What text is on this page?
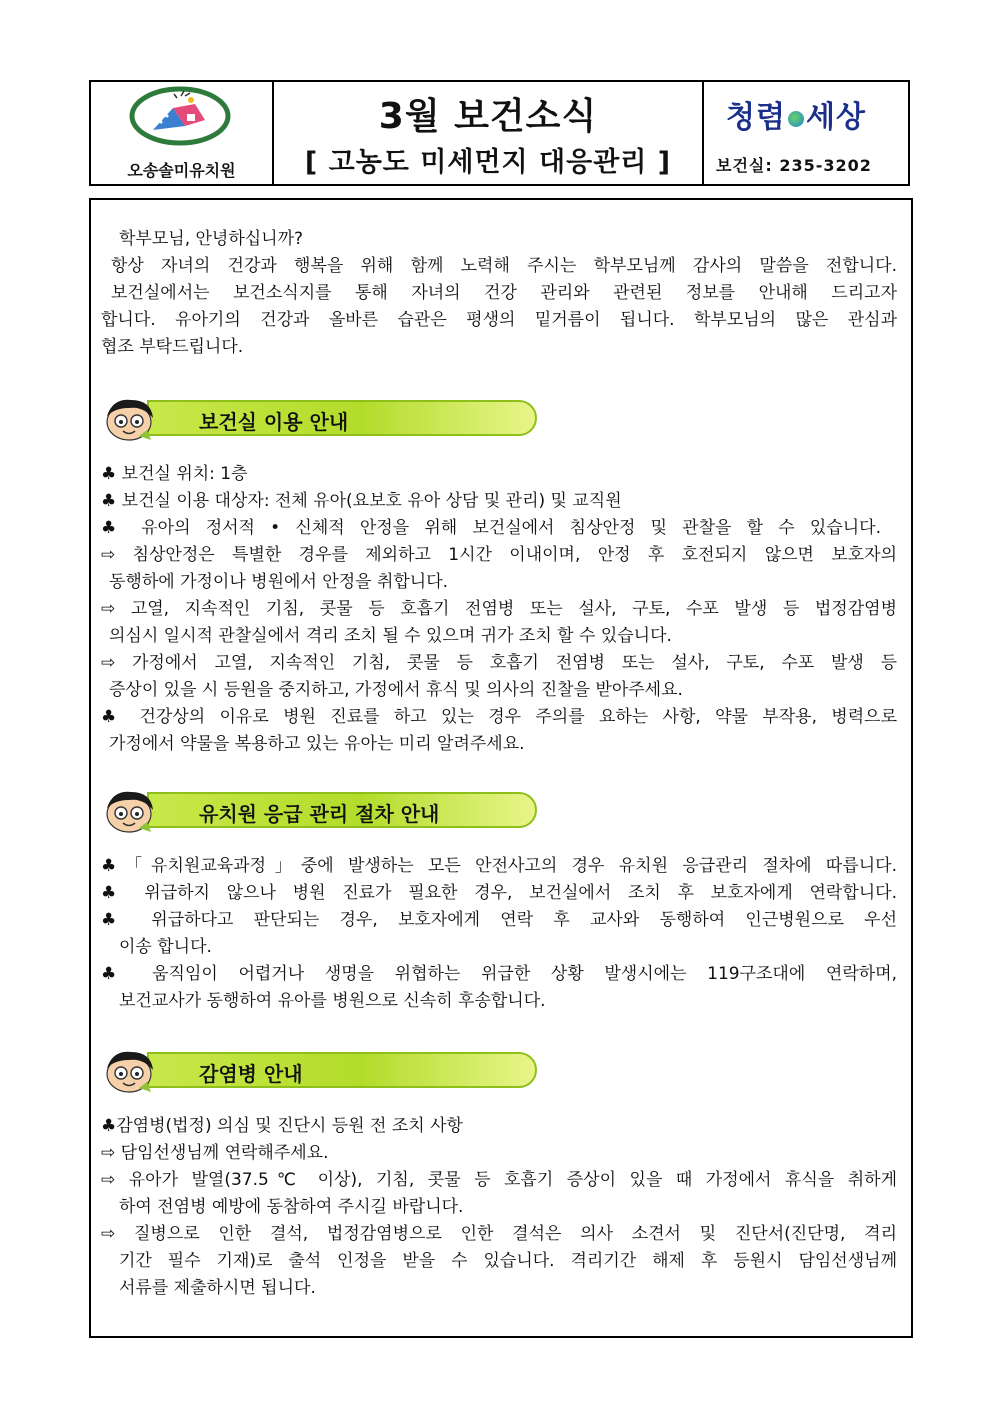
오송솔미유치원
3월 보건소식
[ 고농도 미세먼지 대응관리 ]
청렴 세상
보건실: 235-3202
학부모님, 안녕하십니까?
항상 자녀의 건강과 행복을 위해 함께 노력해 주시는 학부모님께 감사의 말씀을 전합니다.
보건실에서는 보건소식지를 통해 자녀의 건강 관리와 관련된 정보를 안내해 드리고자
합니다. 유아기의 건강과 올바른 습관은 평생의 밑거름이 됩니다. 학부모님의 많은 관심과
협조 부탁드립니다.
보건실 이용 안내
♣ 보건실 위치: 1층
♣ 보건실 이용 대상자: 전체 유아(요보호 유아 상담 및 관리) 및 교직원
♣ 유아의 정서적 • 신체적 안정을 위해 보건실에서 침상안정 및 관찰을 할 수 있습니다.
⇨ 침상안정은 특별한 경우를 제외하고 1시간 이내이며, 안정 후 호전되지 않으면 보호자의
동행하에 가정이나 병원에서 안정을 취합니다.
⇨ 고열, 지속적인 기침, 콧물 등 호흡기 전염병 또는 설사, 구토, 수포 발생 등 법정감염병
의심시 일시적 관찰실에서 격리 조치 될 수 있으며 귀가 조치 할 수 있습니다.
⇨ 가정에서 고열, 지속적인 기침, 콧물 등 호흡기 전염병 또는 설사, 구토, 수포 발생 등
증상이 있을 시 등원을 중지하고, 가정에서 휴식 및 의사의 진찰을 받아주세요.
♣ 건강상의 이유로 병원 진료를 하고 있는 경우 주의를 요하는 사항, 약물 부작용, 병력으로
가정에서 약물을 복용하고 있는 유아는 미리 알려주세요.
유치원 응급 관리 절차 안내
♣「유치원교육과정」중에 발생하는 모든 안전사고의 경우 유치원 응급관리 절차에 따릅니다.
♣ 위급하지 않으나 병원 진료가 필요한 경우, 보건실에서 조치 후 보호자에게 연락합니다.
♣ 위급하다고 판단되는 경우, 보호자에게 연락 후 교사와 동행하여 인근병원으로 우선
이송 합니다.
♣ 움직임이 어렵거나 생명을 위협하는 위급한 상황 발생시에는 119구조대에 연락하며,
보건교사가 동행하여 유아를 병원으로 신속히 후송합니다.
감염병 안내
♣감염병(법정) 의심 및 진단시 등원 전 조치 사항
⇨ 담임선생님께 연락해주세요.
⇨ 유아가 발열(37.5℃ 이상), 기침, 콧물 등 호흡기 증상이 있을 때 가정에서 휴식을 취하게
하여 전염병 예방에 동참하여 주시길 바랍니다.
⇨ 질병으로 인한 결석, 법정감염병으로 인한 결석은 의사 소견서 및 진단서(진단명, 격리
기간 필수 기재)로 출석 인정을 받을 수 있습니다. 격리기간 해제 후 등원시 담임선생님께
서류를 제출하시면 됩니다.
